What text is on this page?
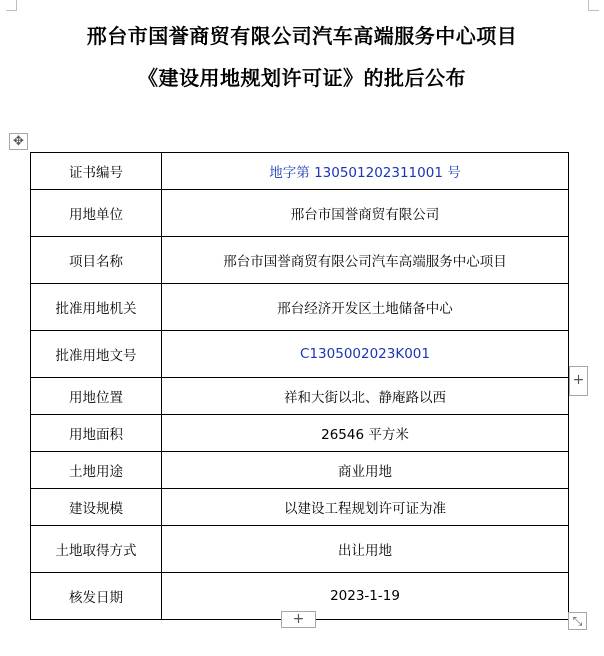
邢台市国誉商贸有限公司汽车高端服务中心项目
《建设用地规划许可证》的批后公布
✥
证书编号	地字第 130501202311001 号
用地单位	邢台市国誉商贸有限公司
项目名称	邢台市国誉商贸有限公司汽车高端服务中心项目
批准用地机关	邢台经济开发区土地储备中心
批准用地文号	C1305002023K001
用地位置	祥和大街以北、静庵路以西
用地面积	26546 平方米
土地用途	商业用地
建设规模	以建设工程规划许可证为准
土地取得方式	出让用地
核发日期	2023-1-19
+
+	⤡
